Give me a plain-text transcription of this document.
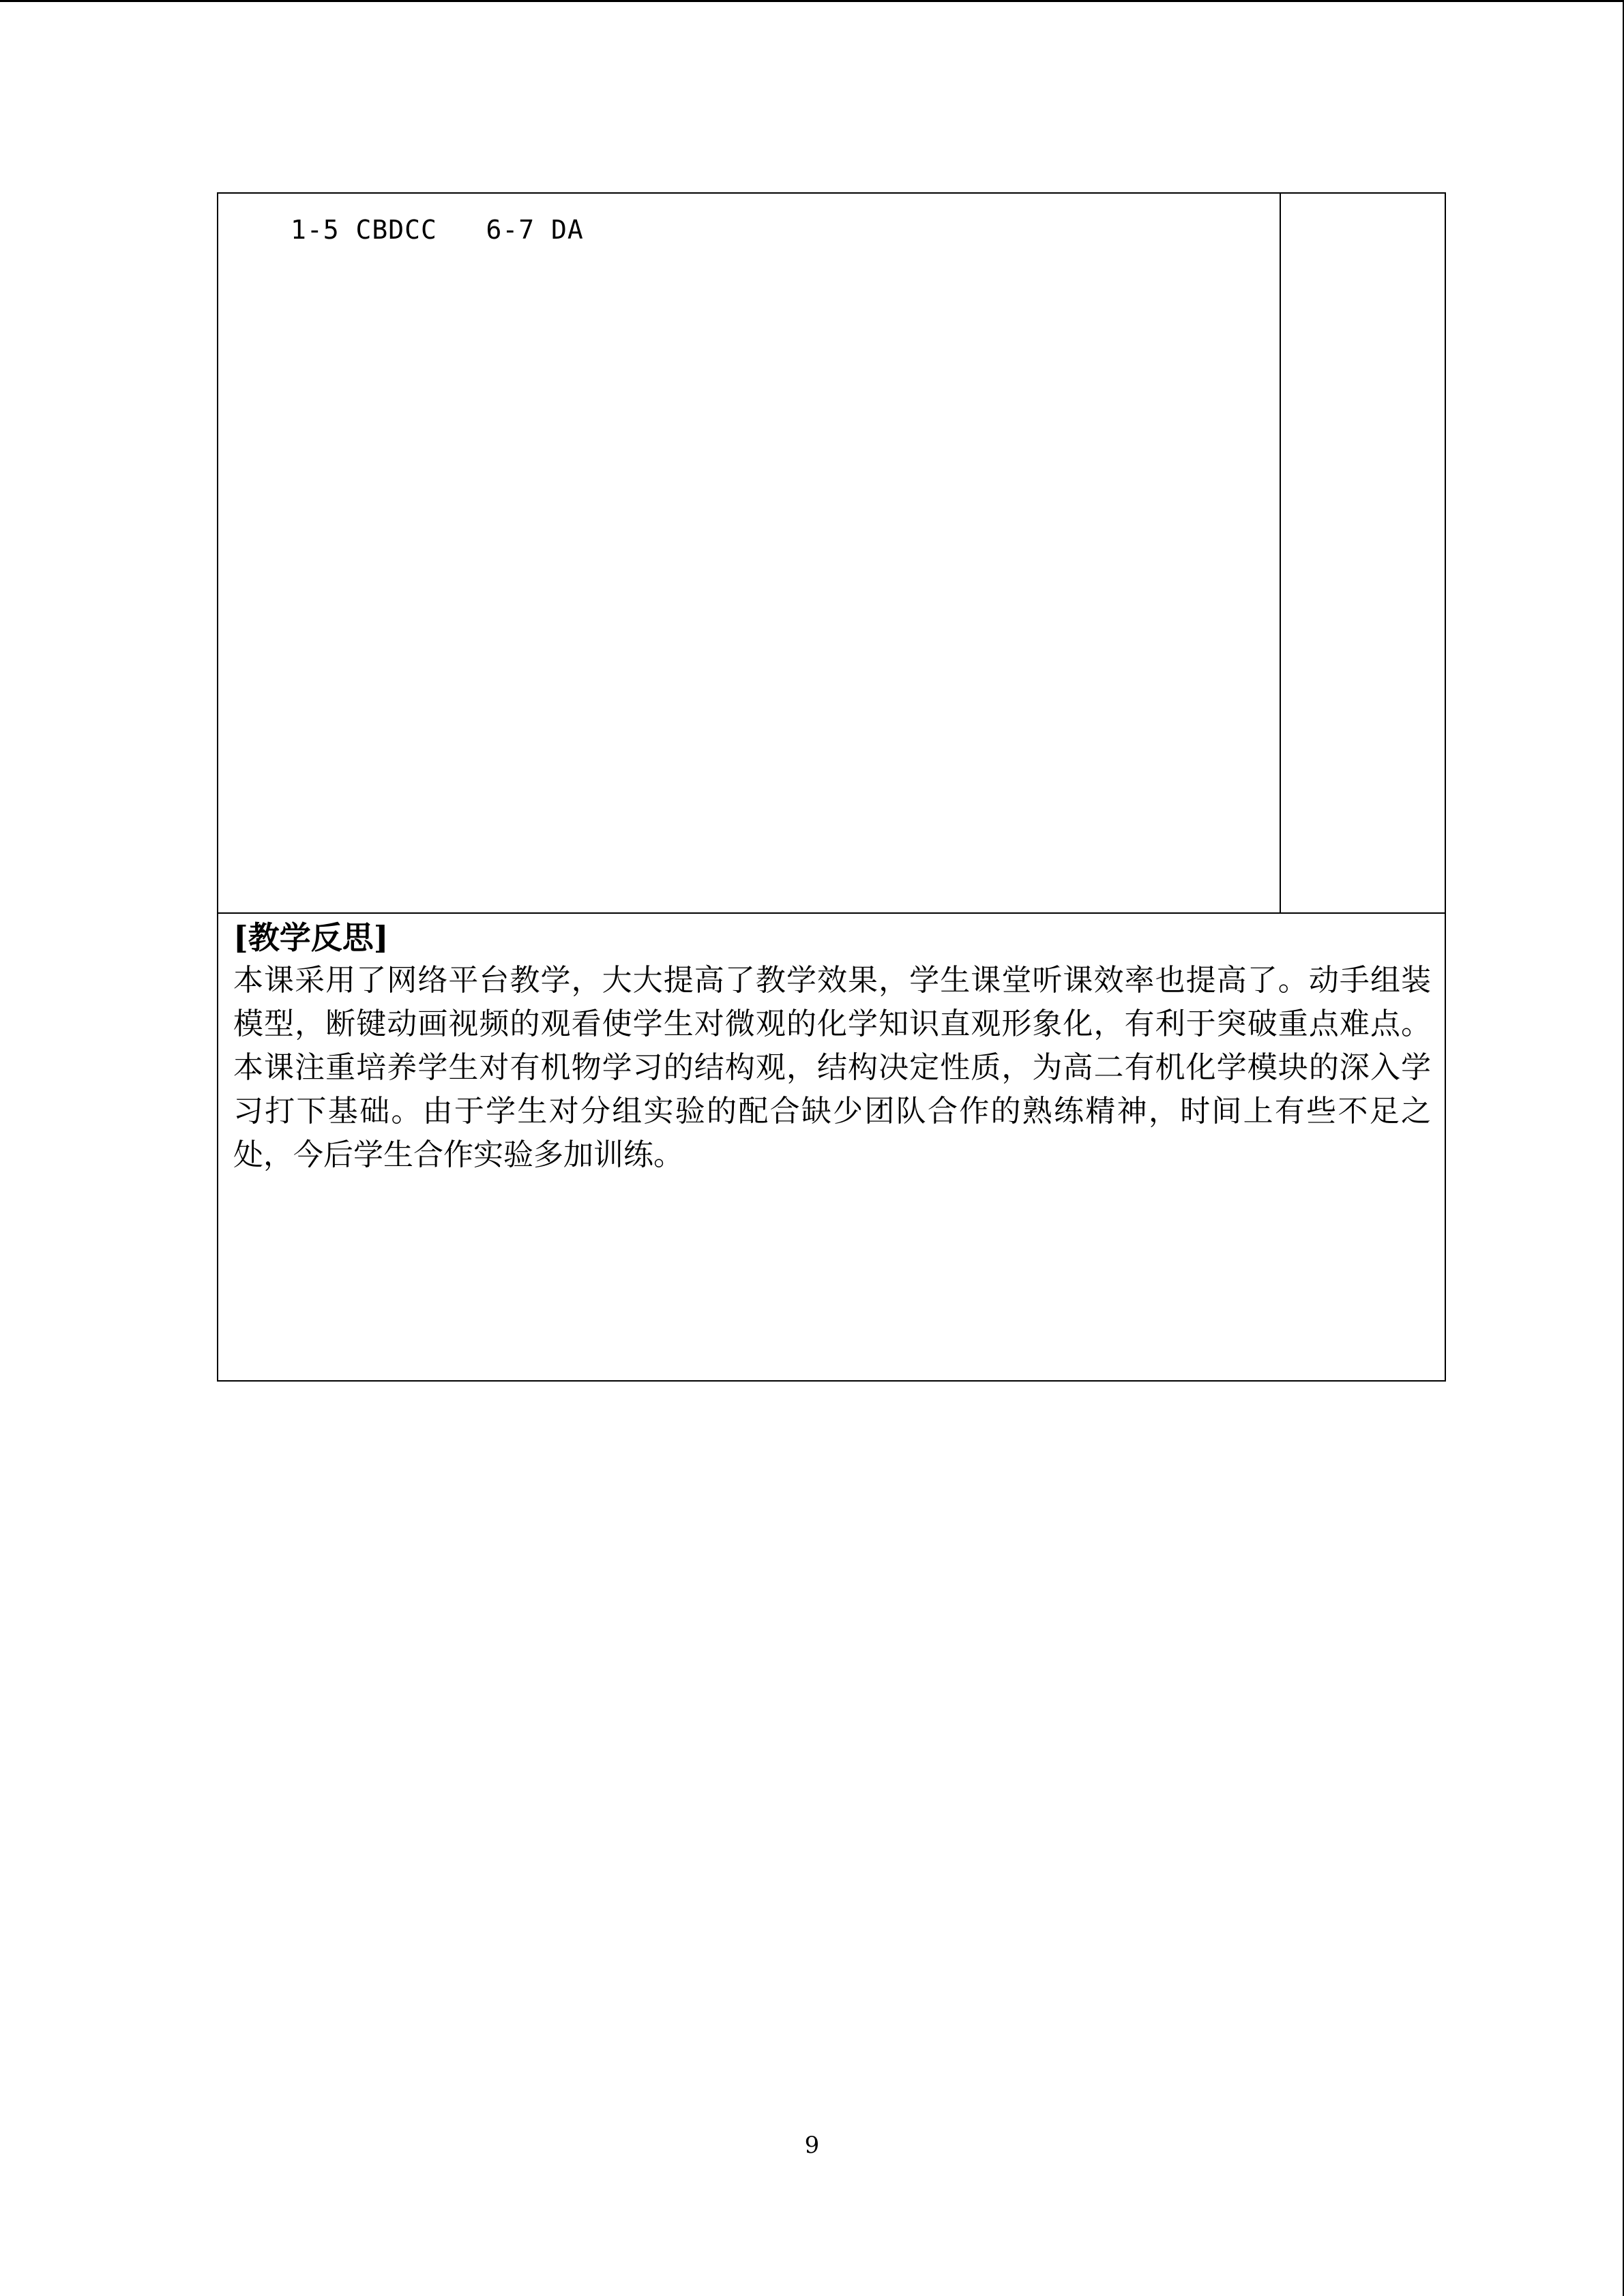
1-5 CBDCC   6-7 DA

[教学反思]

本课采用了网络平台教学，大大提高了教学效果，学生课堂听课效率也提高了。动手组装模型，断键动画视频的观看使学生对微观的化学知识直观形象化，有利于突破重点难点。本课注重培养学生对有机物学习的结构观，结构决定性质，为高二有机化学模块的深入学习打下基础。由于学生对分组实验的配合缺少团队合作的熟练精神，时间上有些不足之处，今后学生合作实验多加训练。

9
